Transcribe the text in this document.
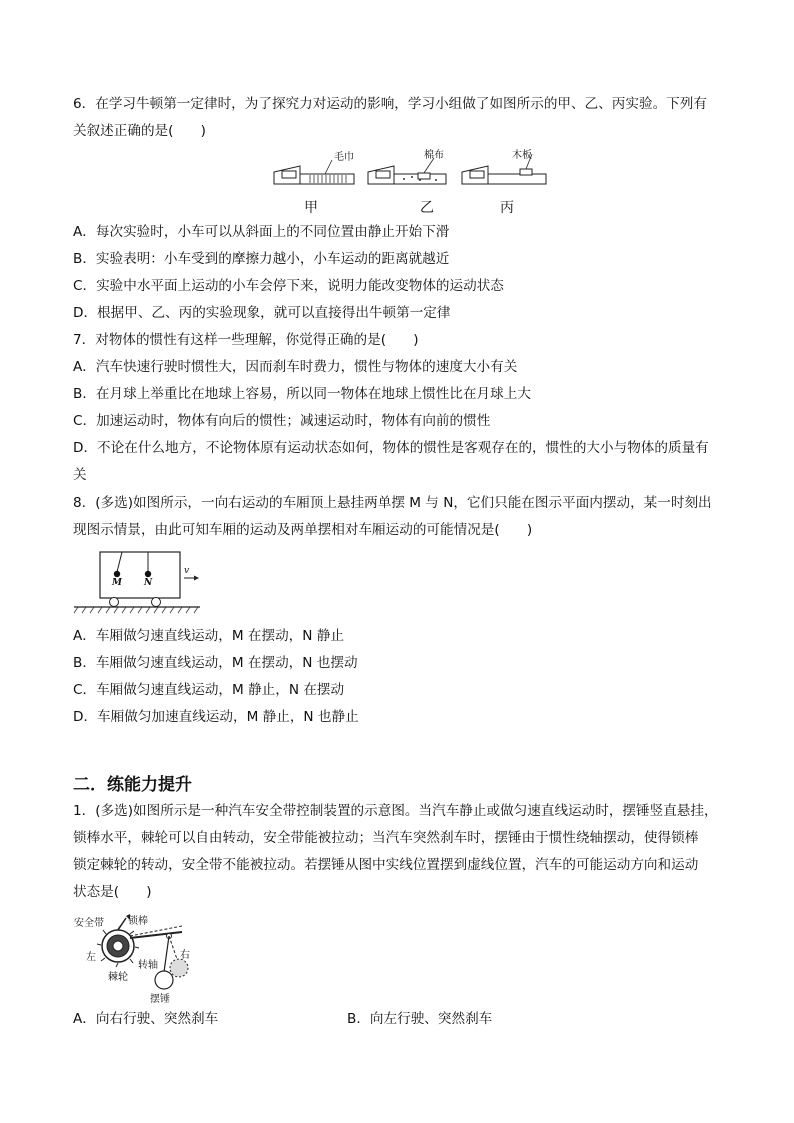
6．在学习牛顿第一定律时，为了探究力对运动的影响，学习小组做了如图所示的甲、乙、丙实验。下列有
关叙述正确的是(　　)
毛巾	棉布	木板
甲	乙	丙
A．每次实验时，小车可以从斜面上的不同位置由静止开始下滑
B．实验表明：小车受到的摩擦力越小，小车运动的距离就越近
C．实验中水平面上运动的小车会停下来，说明力能改变物体的运动状态
D．根据甲、乙、丙的实验现象，就可以直接得出牛顿第一定律
7．对物体的惯性有这样一些理解，你觉得正确的是(　　)
A．汽车快速行驶时惯性大，因而刹车时费力，惯性与物体的速度大小有关
B．在月球上举重比在地球上容易，所以同一物体在地球上惯性比在月球上大
C．加速运动时，物体有向后的惯性；减速运动时，物体有向前的惯性
D．不论在什么地方，不论物体原有运动状态如何，物体的惯性是客观存在的，惯性的大小与物体的质量有
关
8．(多选)如图所示，一向右运动的车厢顶上悬挂两单摆 M 与 N，它们只能在图示平面内摆动，某一时刻出
现图示情景，由此可知车厢的运动及两单摆相对车厢运动的可能情况是(　　)
M N
v
A．车厢做匀速直线运动，M 在摆动，N 静止
B．车厢做匀速直线运动，M 在摆动，N 也摆动
C．车厢做匀速直线运动，M 静止，N 在摆动
D．车厢做匀加速直线运动，M 静止，N 也静止
二．练能力提升
1．(多选)如图所示是一种汽车安全带控制装置的示意图。当汽车静止或做匀速直线运动时，摆锤竖直悬挂，
锁棒水平，棘轮可以自由转动，安全带能被拉动；当汽车突然刹车时，摆锤由于惯性绕轴摆动，使得锁棒
锁定棘轮的转动，安全带不能被拉动。若摆锤从图中实线位置摆到虚线位置，汽车的可能运动方向和运动
状态是(　　)
安全带 锁棒
左	右
转轴
棘轮
摆锤
A．向右行驶、突然刹车	B．向左行驶、突然刹车
